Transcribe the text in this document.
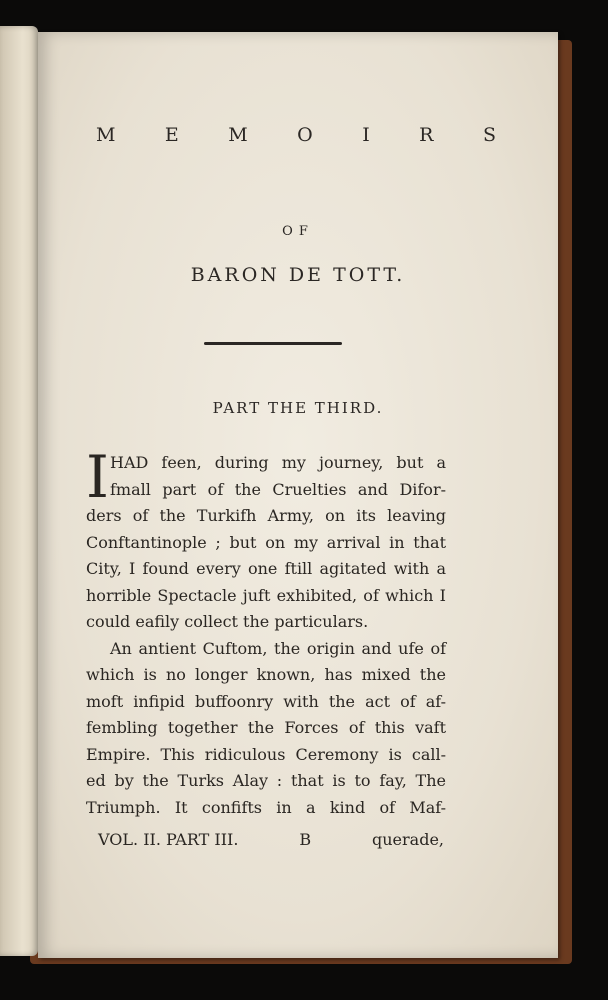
M	E	M	O	I	R	S
OF
BARON DE TOTT.
PART THE THIRD.
I HAD feen, during my journey, but a
fmall part of the Cruelties and Difor-
ders of the Turkifh Army, on its leaving
Conftantinople ; but on my arrival in that
City, I found every one ftill agitated with a
horrible Spectacle juft exhibited, of which I
could eafily collect the particulars.
An antient Cuftom, the origin and ufe of
which is no longer known, has mixed the
moft infipid buffoonry with the act of af-
fembling together the Forces of this vaft
Empire. This ridiculous Ceremony is call-
ed by the Turks Alay : that is to fay, The
Triumph. It confifts in a kind of Maf-
VOL. II. PART III.	B	querade,
